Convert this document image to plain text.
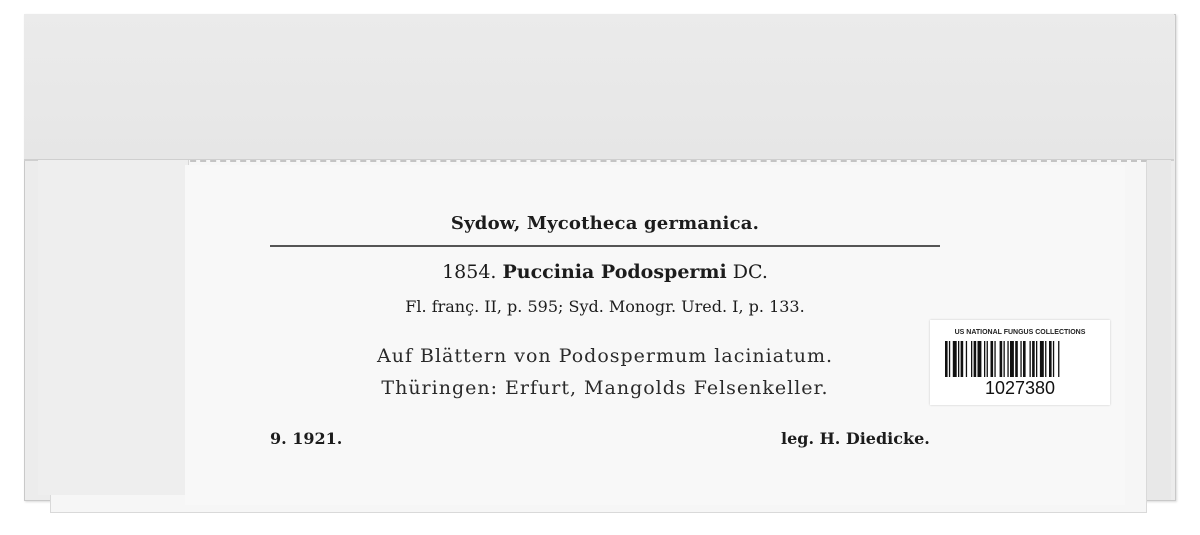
Sydow, Mycotheca germanica.
1854. Puccinia Podospermi DC.
Fl. franç. II, p. 595; Syd. Monogr. Ured. I, p. 133.
Auf Blättern von Podospermum laciniatum.
Thüringen: Erfurt, Mangolds Felsenkeller.
9. 1921.	leg. H. Diedicke.
US NATIONAL FUNGUS COLLECTIONS
1027380
